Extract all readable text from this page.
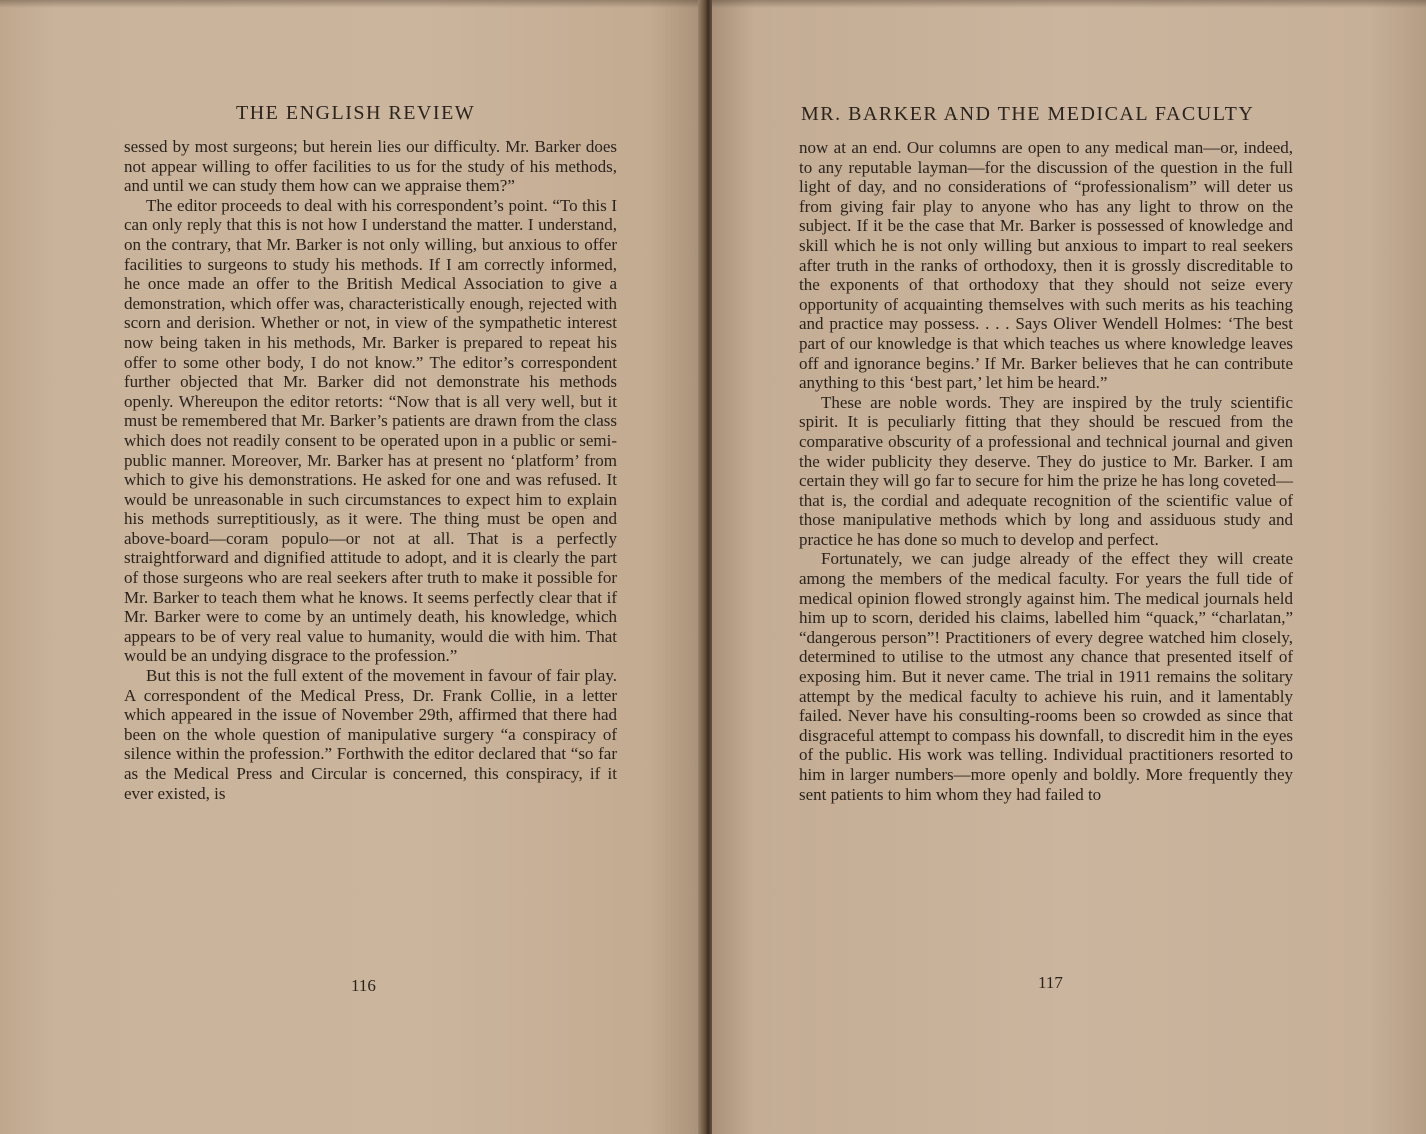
THE ENGLISH REVIEW

sessed by most surgeons; but herein lies our difficulty. Mr. Barker does not appear willing to offer facilities to us for the study of his methods, and until we can study them how can we appraise them?”

The editor proceeds to deal with his correspondent’s point. “To this I can only reply that this is not how I understand the matter. I understand, on the contrary, that Mr. Barker is not only willing, but anxious to offer facilities to surgeons to study his methods. If I am correctly informed, he once made an offer to the British Medical Association to give a demonstration, which offer was, characteristically enough, rejected with scorn and derision. Whether or not, in view of the sympathetic interest now being taken in his methods, Mr. Barker is prepared to repeat his offer to some other body, I do not know.” The editor’s correspondent further objected that Mr. Barker did not demonstrate his methods openly. Whereupon the editor retorts: “Now that is all very well, but it must be remembered that Mr. Barker’s patients are drawn from the class which does not readily consent to be operated upon in a public or semi-public manner. Moreover, Mr. Barker has at present no ‘platform’ from which to give his demonstrations. He asked for one and was refused. It would be unreasonable in such circumstances to expect him to explain his methods surreptitiously, as it were. The thing must be open and above-board—coram populo—or not at all. That is a perfectly straightforward and dignified attitude to adopt, and it is clearly the part of those surgeons who are real seekers after truth to make it possible for Mr. Barker to teach them what he knows. It seems perfectly clear that if Mr. Barker were to come by an untimely death, his knowledge, which appears to be of very real value to humanity, would die with him. That would be an undying disgrace to the profession.”

But this is not the full extent of the movement in favour of fair play. A correspondent of the Medical Press, Dr. Frank Collie, in a letter which appeared in the issue of November 29th, affirmed that there had been on the whole question of manipulative surgery “a conspiracy of silence within the profession.” Forthwith the editor declared that “so far as the Medical Press and Circular is concerned, this conspiracy, if it ever existed, is

116
MR. BARKER AND THE MEDICAL FACULTY

now at an end. Our columns are open to any medical man—or, indeed, to any reputable layman—for the discussion of the question in the full light of day, and no considerations of “professionalism” will deter us from giving fair play to anyone who has any light to throw on the subject. If it be the case that Mr. Barker is possessed of knowledge and skill which he is not only willing but anxious to impart to real seekers after truth in the ranks of orthodoxy, then it is grossly discreditable to the exponents of that orthodoxy that they should not seize every opportunity of acquainting themselves with such merits as his teaching and practice may possess. . . . Says Oliver Wendell Holmes: ‘The best part of our knowledge is that which teaches us where knowledge leaves off and ignorance begins.’ If Mr. Barker believes that he can contribute anything to this ‘best part,’ let him be heard.”

These are noble words. They are inspired by the truly scientific spirit. It is peculiarly fitting that they should be rescued from the comparative obscurity of a professional and technical journal and given the wider publicity they deserve. They do justice to Mr. Barker. I am certain they will go far to secure for him the prize he has long coveted—that is, the cordial and adequate recognition of the scientific value of those manipulative methods which by long and assiduous study and practice he has done so much to develop and perfect.

Fortunately, we can judge already of the effect they will create among the members of the medical faculty. For years the full tide of medical opinion flowed strongly against him. The medical journals held him up to scorn, derided his claims, labelled him “quack,” “charlatan,” “dangerous person”! Practitioners of every degree watched him closely, determined to utilise to the utmost any chance that presented itself of exposing him. But it never came. The trial in 1911 remains the solitary attempt by the medical faculty to achieve his ruin, and it lamentably failed. Never have his consulting-rooms been so crowded as since that disgraceful attempt to compass his downfall, to discredit him in the eyes of the public. His work was telling. Individual practitioners resorted to him in larger numbers—more openly and boldly. More frequently they sent patients to him whom they had failed to

117
